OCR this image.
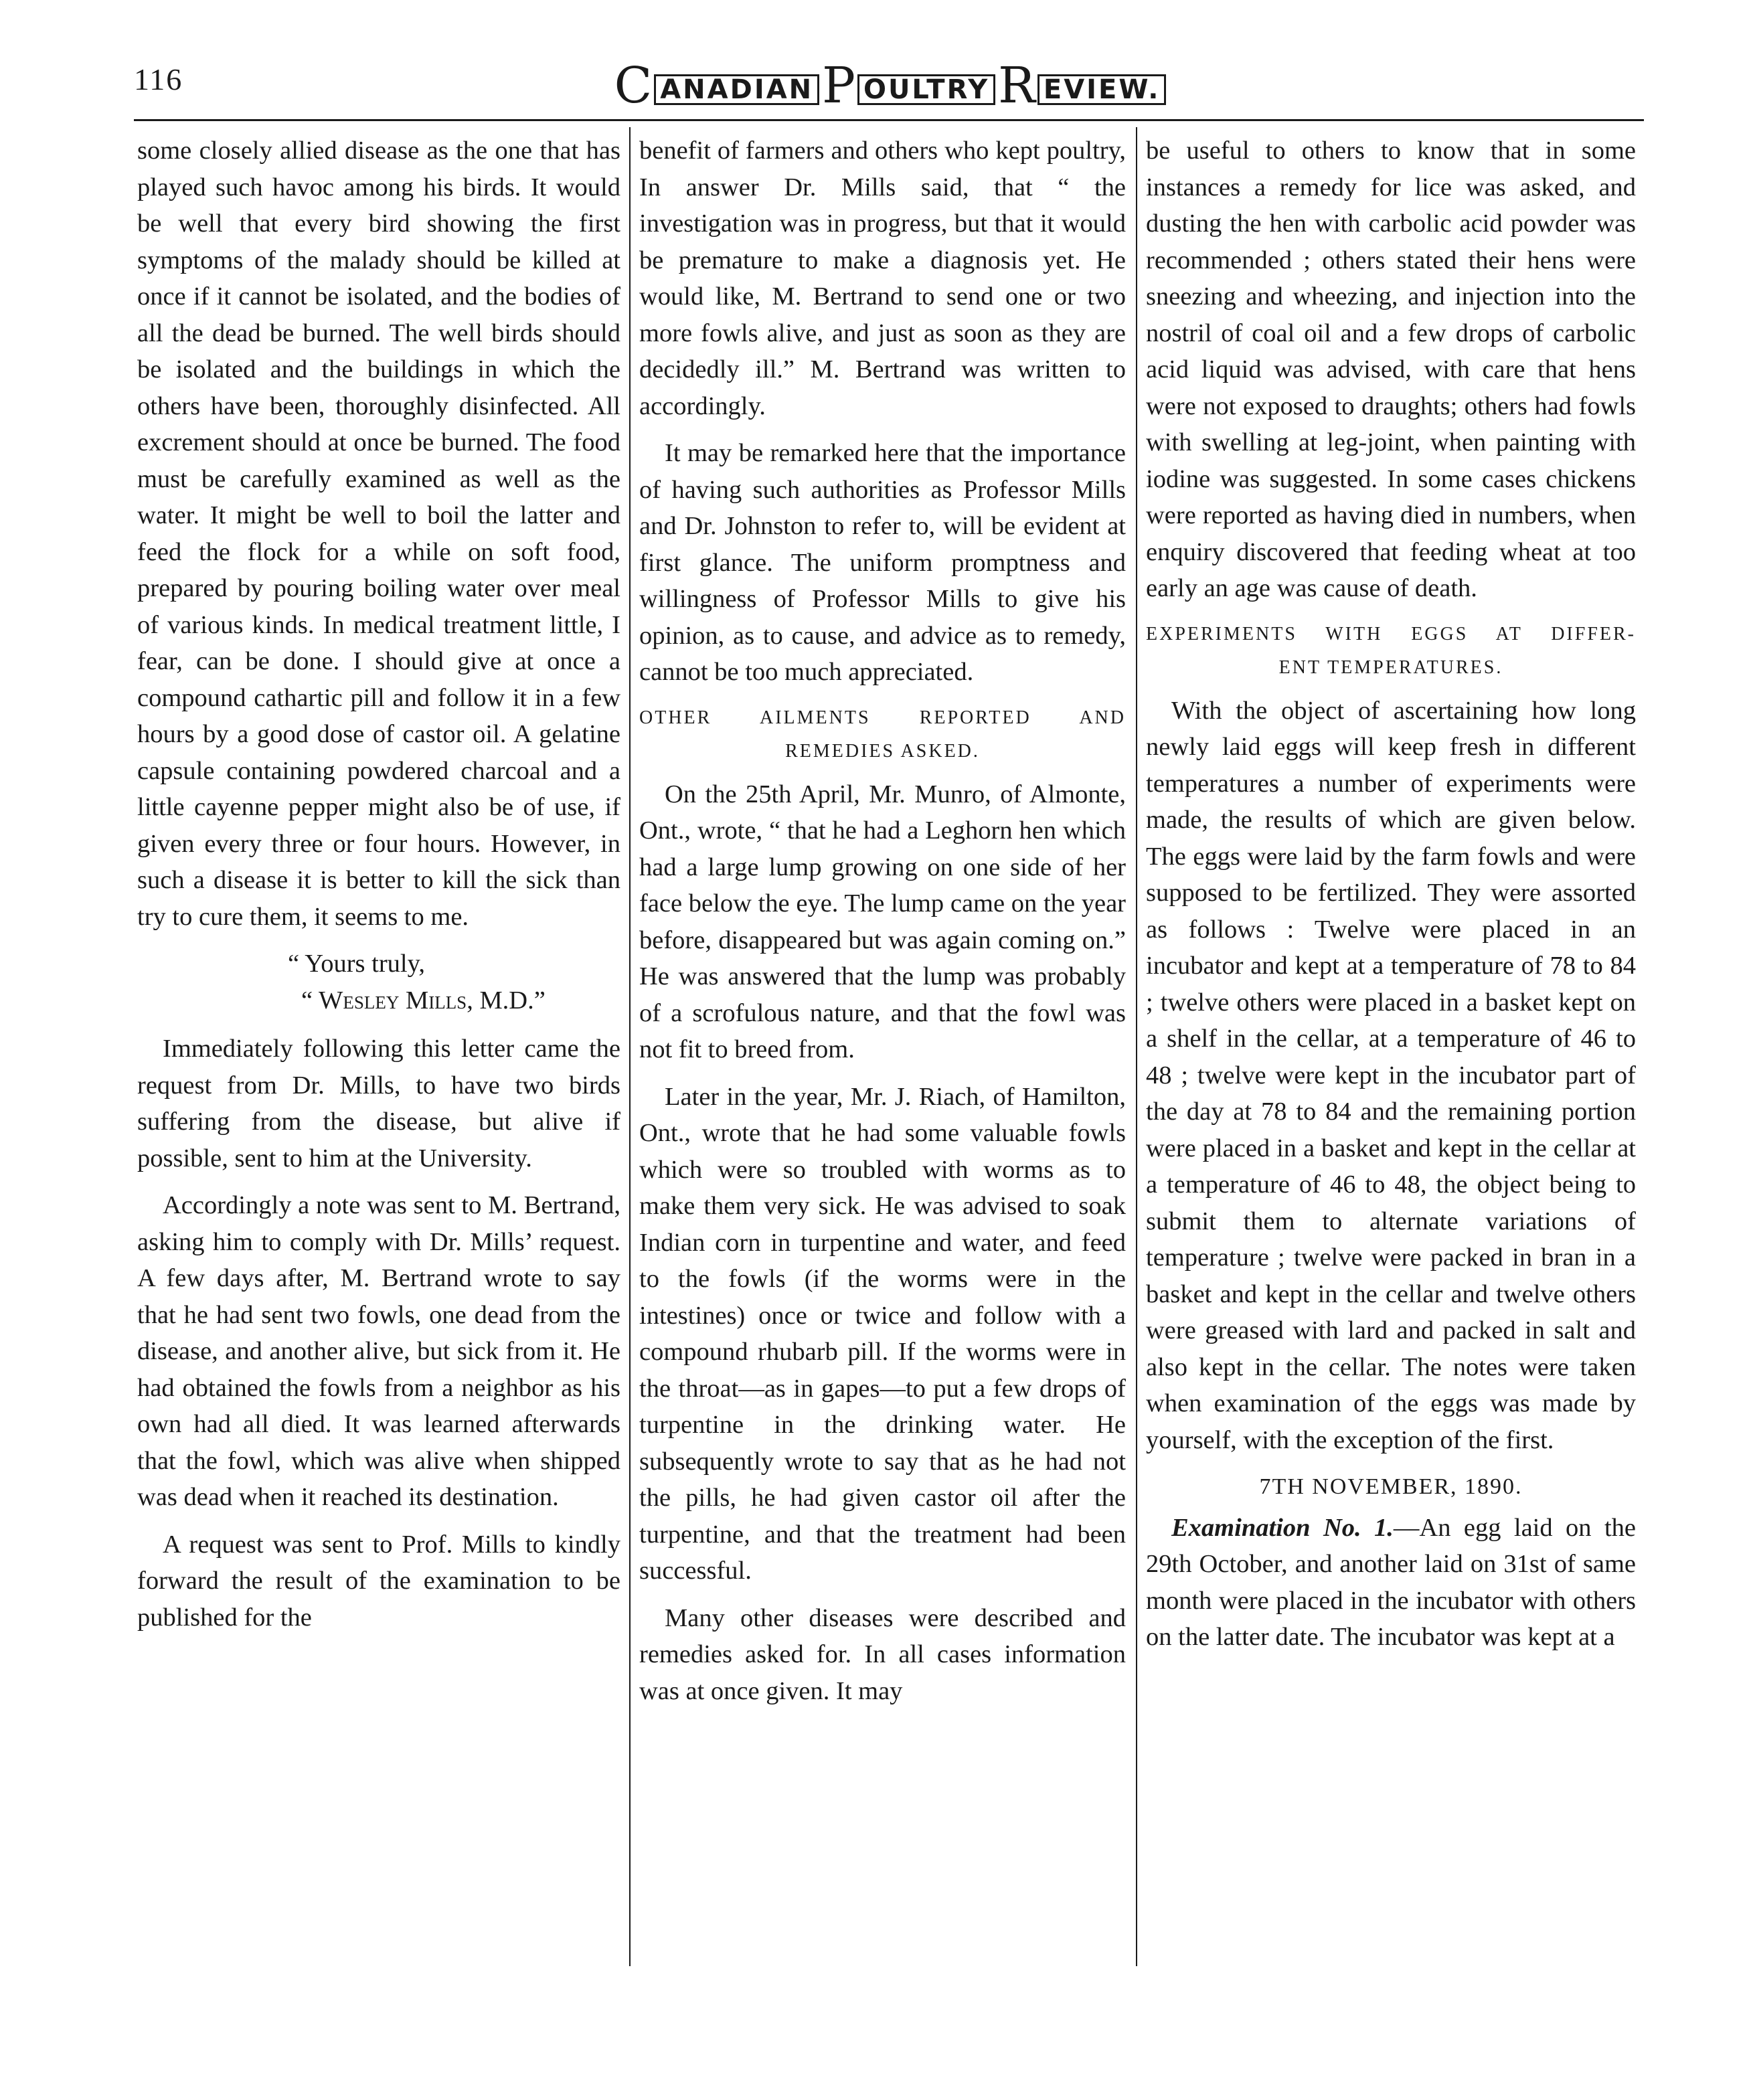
116	C ANADIAN P OULTRY R EVIEW.

some closely allied disease as the one that has played such havoc among his birds. It would be well that every bird showing the first symptoms of the malady should be killed at once if it cannot be isolated, and the bodies of all the dead be burned. The well birds should be isolated and the buildings in which the others have been, thoroughly disinfected. All excrement should at once be burned. The food must be carefully examined as well as the water. It might be well to boil the latter and feed the flock for a while on soft food, prepared by pouring boiling water over meal of various kinds. In medical treatment little, I fear, can be done. I should give at once a compound cathartic pill and follow it in a few hours by a good dose of castor oil. A gelatine capsule containing powdered charcoal and a little cayenne pepper might also be of use, if given every three or four hours. However, in such a disease it is better to kill the sick than try to cure them, it seems to me.

“ Yours truly,
“ Wesley Mills, M.D.”

Immediately following this letter came the request from Dr. Mills, to have two birds suffering from the disease, but alive if possible, sent to him at the University.

Accordingly a note was sent to M. Bertrand, asking him to comply with Dr. Mills’ request. A few days after, M. Bertrand wrote to say that he had sent two fowls, one dead from the disease, and another alive, but sick from it. He had obtained the fowls from a neighbor as his own had all died. It was learned afterwards that the fowl, which was alive when shipped was dead when it reached its destination.

A request was sent to Prof. Mills to kindly forward the result of the examination to be published for the

benefit of farmers and others who kept poultry, In answer Dr. Mills said, that “ the investigation was in progress, but that it would be premature to make a diagnosis yet. He would like, M. Bertrand to send one or two more fowls alive, and just as soon as they are decidedly ill.” M. Bertrand was written to accordingly.

It may be remarked here that the importance of having such authorities as Professor Mills and Dr. Johnston to refer to, will be evident at first glance. The uniform promptness and willingness of Professor Mills to give his opinion, as to cause, and advice as to remedy, cannot be too much appreciated.

OTHER AILMENTS REPORTED AND
REMEDIES ASKED.

On the 25th April, Mr. Munro, of Almonte, Ont., wrote, “ that he had a Leghorn hen which had a large lump growing on one side of her face below the eye. The lump came on the year before, disappeared but was again coming on.” He was answered that the lump was probably of a scrofulous nature, and that the fowl was not fit to breed from.

Later in the year, Mr. J. Riach, of Hamilton, Ont., wrote that he had some valuable fowls which were so troubled with worms as to make them very sick. He was advised to soak Indian corn in turpentine and water, and feed to the fowls (if the worms were in the intestines) once or twice and follow with a compound rhubarb pill. If the worms were in the throat—as in gapes—to put a few drops of turpentine in the drinking water. He subsequently wrote to say that as he had not the pills, he had given castor oil after the turpentine, and that the treatment had been successful.

Many other diseases were described and remedies asked for. In all cases information was at once given. It may

be useful to others to know that in some instances a remedy for lice was asked, and dusting the hen with carbolic acid powder was recommended ; others stated their hens were sneezing and wheezing, and injection into the nostril of coal oil and a few drops of carbolic acid liquid was advised, with care that hens were not exposed to draughts; others had fowls with swelling at leg-joint, when painting with iodine was suggested. In some cases chickens were reported as having died in numbers, when enquiry discovered that feeding wheat at too early an age was cause of death.

EXPERIMENTS WITH EGGS AT DIFFER-
ENT TEMPERATURES.

With the object of ascertaining how long newly laid eggs will keep fresh in different temperatures a number of experiments were made, the results of which are given below. The eggs were laid by the farm fowls and were supposed to be fertilized. They were assorted as follows : Twelve were placed in an incubator and kept at a temperature of 78 to 84 ; twelve others were placed in a basket kept on a shelf in the cellar, at a temperature of 46 to 48 ; twelve were kept in the incubator part of the day at 78 to 84 and the remaining portion were placed in a basket and kept in the cellar at a temperature of 46 to 48, the object being to submit them to alternate variations of temperature ; twelve were packed in bran in a basket and kept in the cellar and twelve others were greased with lard and packed in salt and also kept in the cellar. The notes were taken when examination of the eggs was made by yourself, with the exception of the first.

7TH NOVEMBER, 1890.

Examination No. 1.—An egg laid on the 29th October, and another laid on 31st of same month were placed in the incubator with others on the latter date. The incubator was kept at a
